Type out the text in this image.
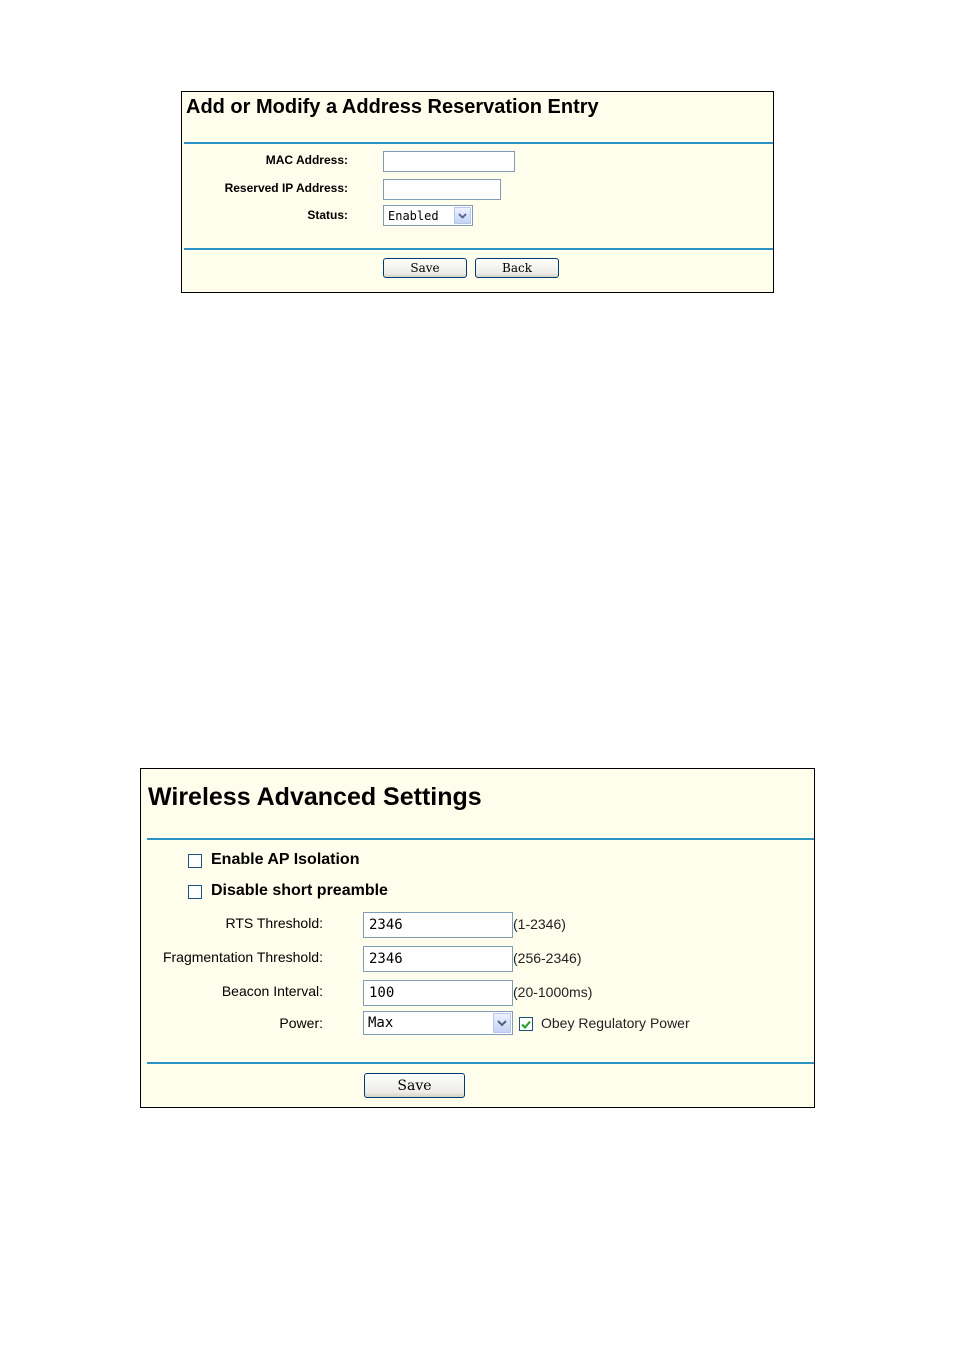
Add or Modify a Address Reservation Entry
MAC Address:
Reserved IP Address:
Status:	Enabled
Save	Back
Wireless Advanced Settings
Enable AP Isolation
Disable short preamble
RTS Threshold:	2346	(1-2346)
Fragmentation Threshold:	2346	(256-2346)
Beacon Interval:	100	(20-1000ms)
Power:	Max	Obey Regulatory Power
Save
